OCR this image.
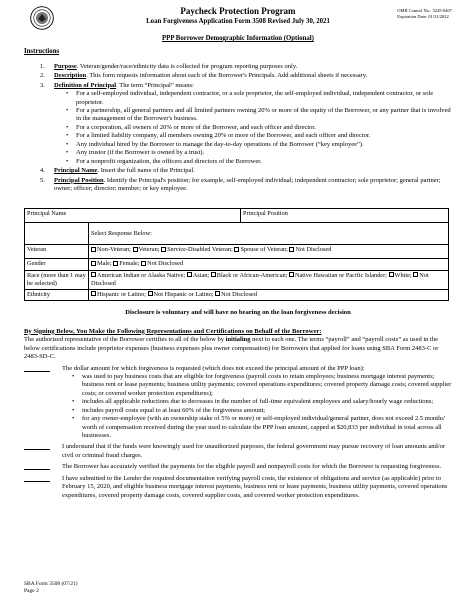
Paycheck Protection Program
Loan Forgiveness Application Form 3508 Revised July 30, 2021
OMB Control No.: 3245-0407
Expiration Date: 01/31/2022
PPP Borrower Demographic Information (Optional)
Instructions
1. Purpose. Veteran/gender/race/ethnicity data is collected for program reporting purposes only.
2. Description. This form requests information about each of the Borrower's Principals. Add additional sheets if necessary.
3. Definition of Principal. The term “Principal” means:
• For a self-employed individual, independent contractor, or a sole proprietor, the self-employed individual, independent contractor, or sole proprietor.
• For a partnership, all general partners and all limited partners owning 20% or more of the equity of the Borrower, or any partner that is involved in the management of the Borrower's business.
• For a corporation, all owners of 20% or more of the Borrower, and each officer and director.
• For a limited liability company, all members owning 20% or more of the Borrower, and each officer and director.
• Any individual hired by the Borrower to manage the day-to-day operations of the Borrower (“key employee”).
• Any trustor (if the Borrower is owned by a trust).
• For a nonprofit organization, the officers and directors of the Borrower.
4. Principal Name. Insert the full name of the Principal.
5. Principal Position. Identify the Principal's position; for example, self-employed individual; independent contractor; sole proprietor; general partner; owner; officer; director; member; or key employee.
Principal Name		Principal Position
	Select Response Below:	
Veteran	Non-Veteran; Veteran; Service-Disabled Veteran; Spouse of Veteran; Not Disclosed	
Gender	Male; Female; Not Disclosed	
Race (more than 1 may be selected)	American Indian or Alaska Native; Asian; Black or African-American; Native Hawaiian or Pacific Islander; White; Not Disclosed	
Ethnicity	Hispanic or Latino; Not Hispanic or Latino; Not Disclosed	
Disclosure is voluntary and will have no bearing on the loan forgiveness decision
By Signing Below, You Make the Following Representations and Certifications on Behalf of the Borrower:
The authorized representative of the Borrower certifies to all of the below by initialing next to each one. The terms “payroll” and “payroll costs” as used in the below certifications include proprietor expenses (business expenses plus owner compensation) for Borrowers that applied for loans using SBA Form 2483-C or 2483-SD-C.
The dollar amount for which forgiveness is requested (which does not exceed the principal amount of the PPP loan):
• was used to pay business costs that are eligible for forgiveness (payroll costs to retain employees; business mortgage interest payments; business rent or lease payments; business utility payments; covered operations expenditures; covered property damage costs; covered supplier costs; or covered worker protection expenditures);
• includes all applicable reductions due to decreases in the number of full-time equivalent employees and salary/hourly wage reductions;
• includes payroll costs equal to at least 60% of the forgiveness amount;
• for any owner-employee (with an ownership stake of 5% or more) or self-employed individual/general partner, does not exceed 2.5 months' worth of compensation received during the year used to calculate the PPP loan amount, capped at $20,833 per individual in total across all businesses.
I understand that if the funds were knowingly used for unauthorized purposes, the federal government may pursue recovery of loan amounts and/or civil or criminal fraud charges.
The Borrower has accurately verified the payments for the eligible payroll and nonpayroll costs for which the Borrower is requesting forgiveness.
I have submitted to the Lender the required documentation verifying payroll costs, the existence of obligations and service (as applicable) prior to February 15, 2020, and eligible business mortgage interest payments, business rent or lease payments, business utility payments, covered operations expenditures, covered property damage costs, covered supplier costs, and covered worker protection expenditures.
SBA Form 3508 (07/21)
Page 2
